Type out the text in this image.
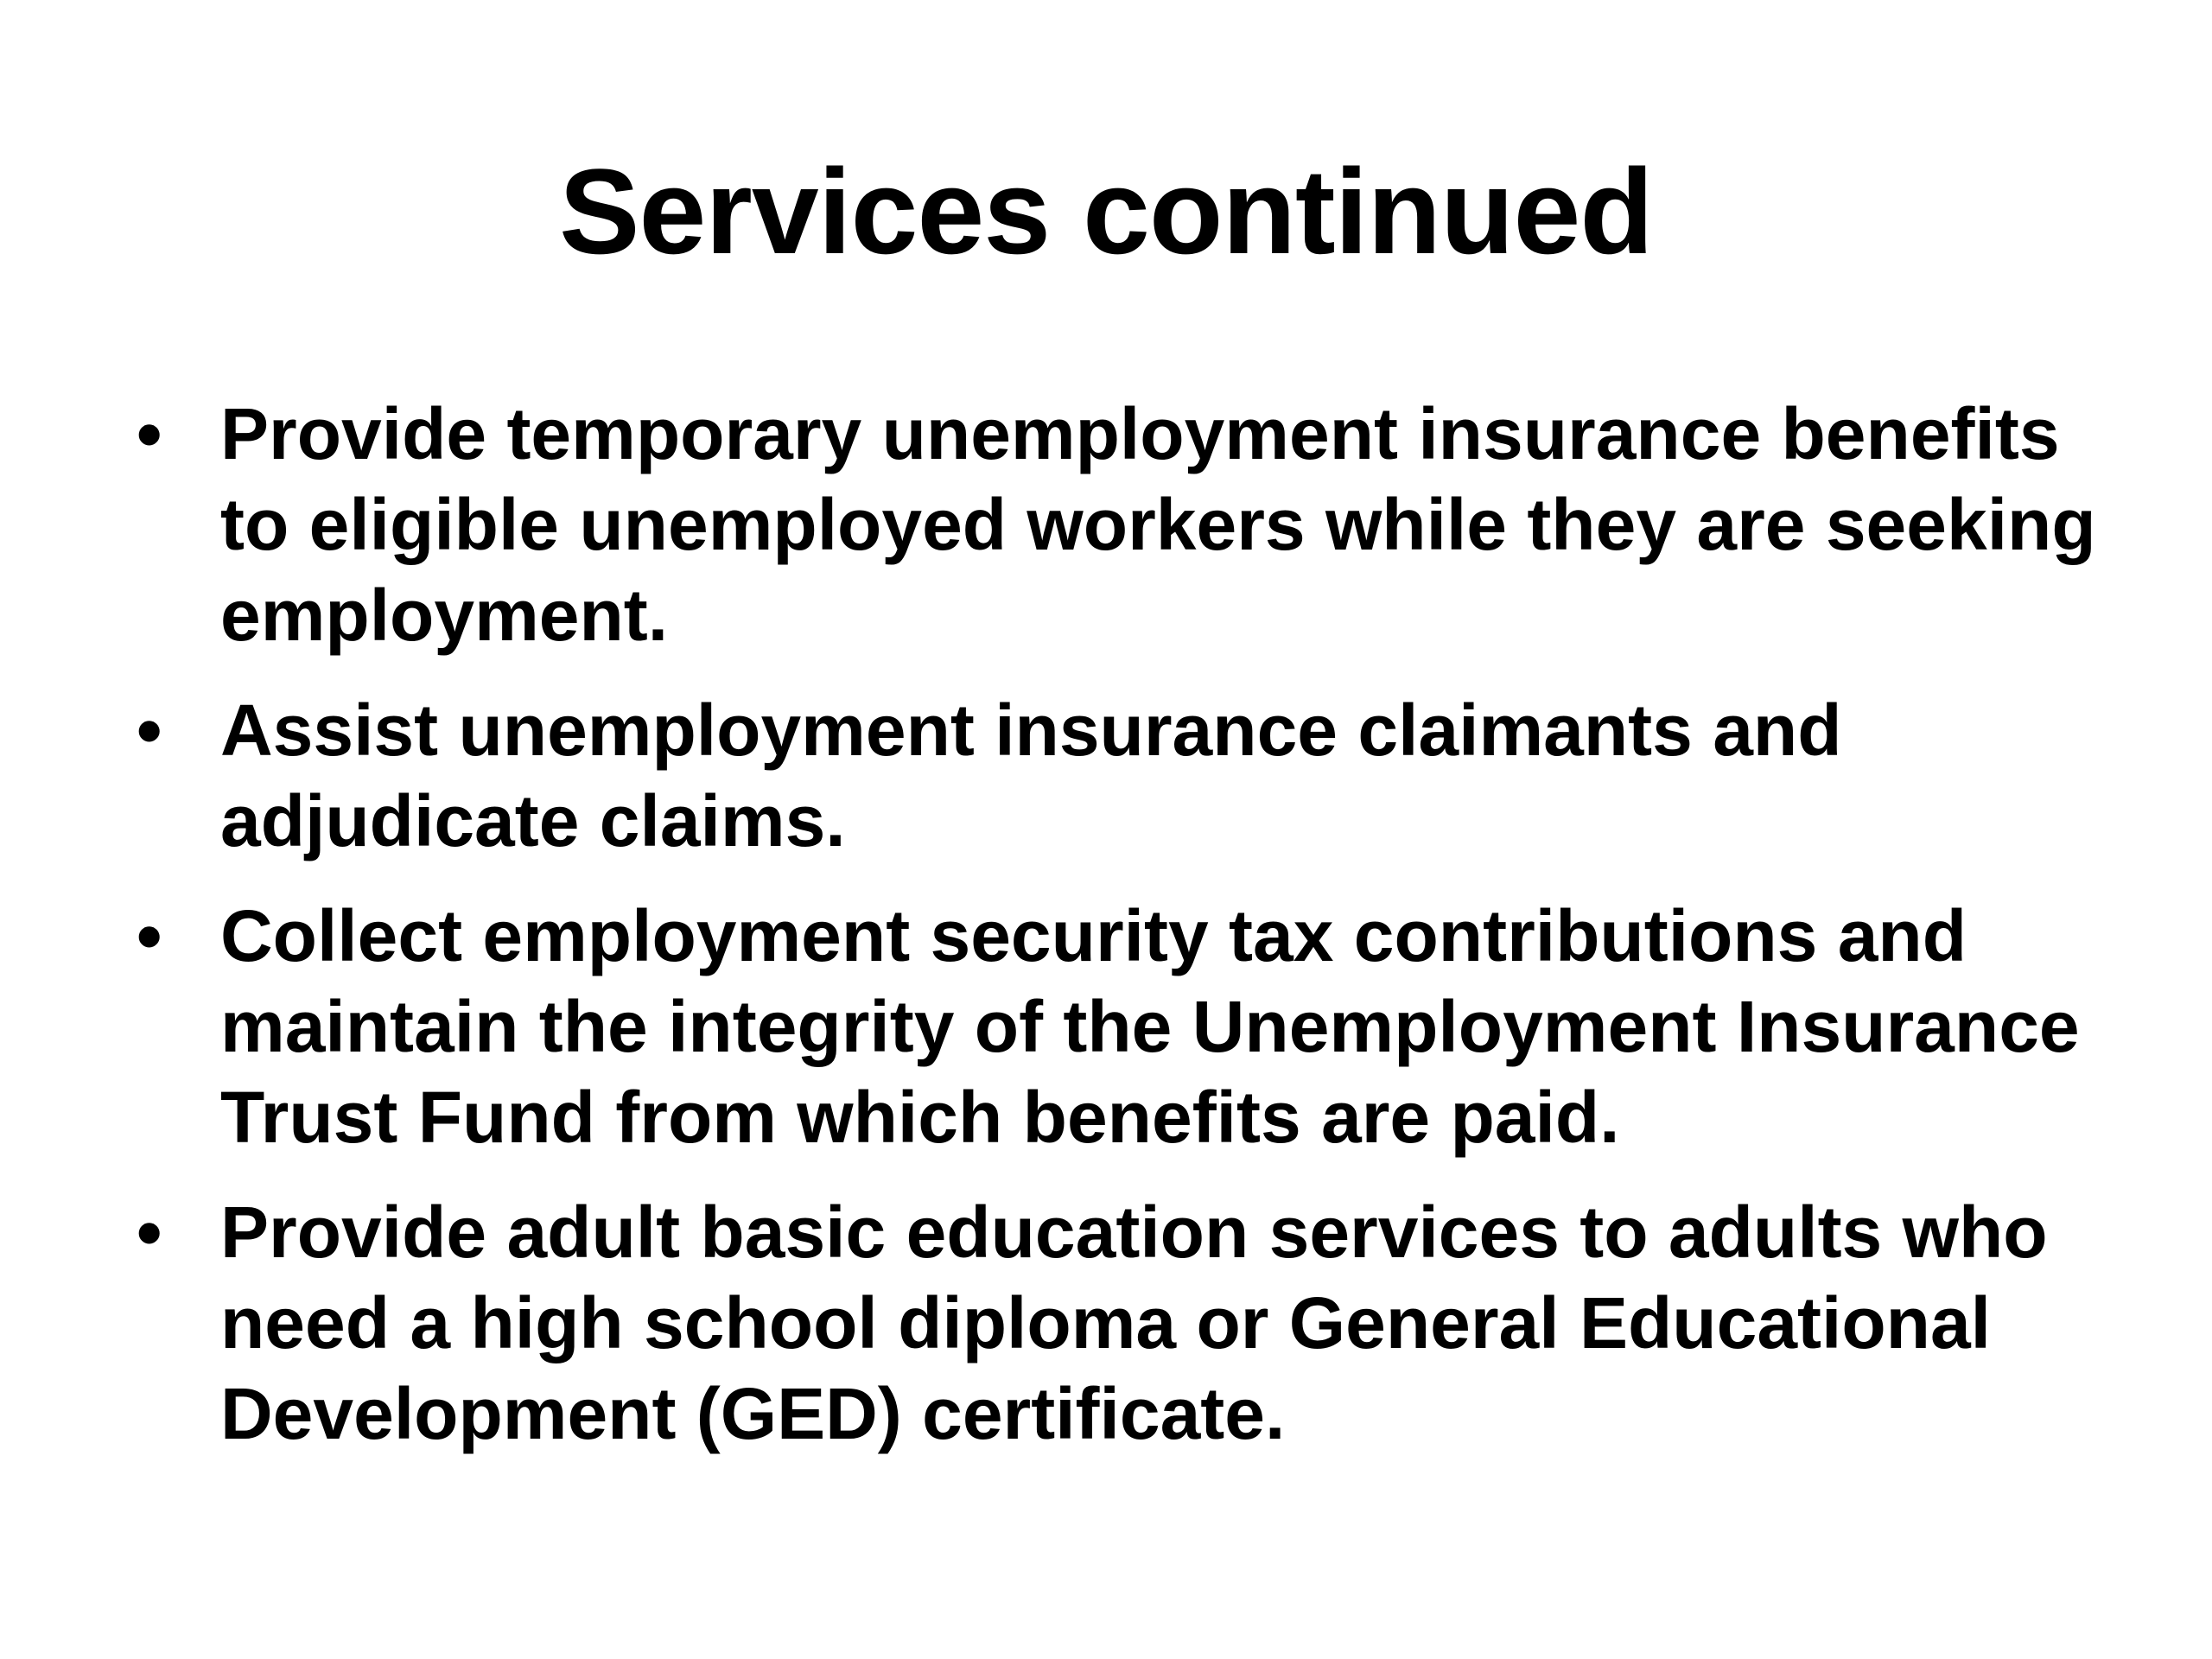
Services continued
• Provide temporary unemployment insurance benefits to eligible unemployed workers while they are seeking employment.
• Assist unemployment insurance claimants and adjudicate claims.
• Collect employment security tax contributions and maintain the integrity of the Unemployment Insurance Trust Fund from which benefits are paid.
• Provide adult basic education services to adults who need a high school diploma or General Educational Development (GED) certificate.
